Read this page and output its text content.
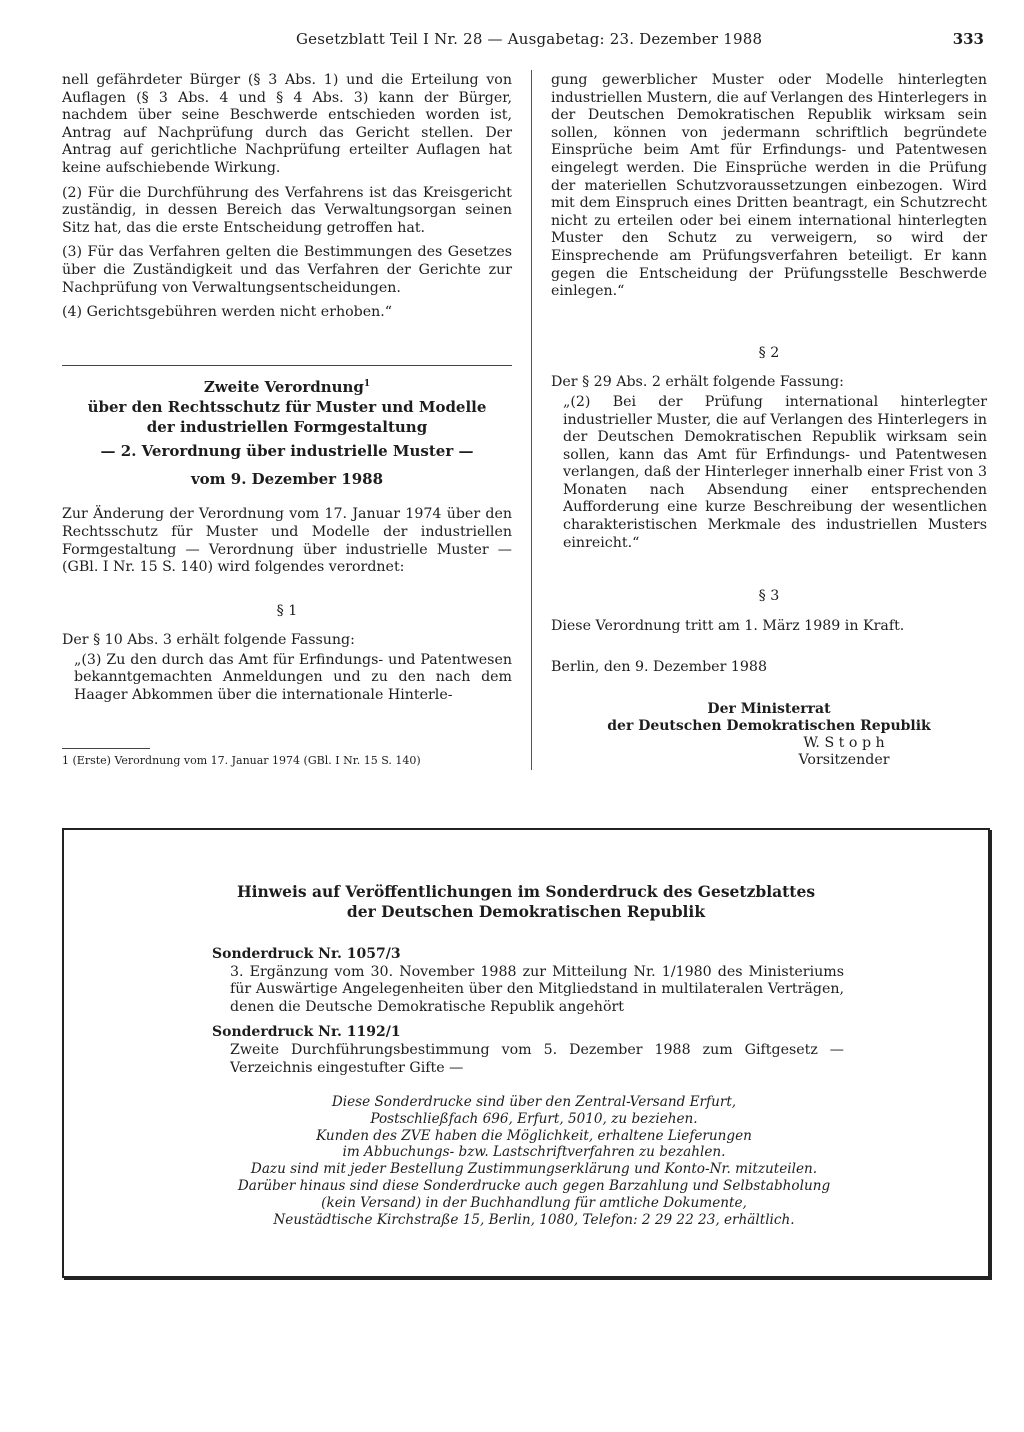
Gesetzblatt Teil I Nr. 28 — Ausgabetag: 23. Dezember 1988	333

nell gefährdeter Bürger (§ 3 Abs. 1) und die Erteilung von Auflagen (§ 3 Abs. 4 und § 4 Abs. 3) kann der Bürger, nachdem über seine Beschwerde entschieden worden ist, Antrag auf Nachprüfung durch das Gericht stellen. Der Antrag auf gerichtliche Nachprüfung erteilter Auflagen hat keine aufschiebende Wirkung.

(2) Für die Durchführung des Verfahrens ist das Kreisgericht zuständig, in dessen Bereich das Verwaltungsorgan seinen Sitz hat, das die erste Entscheidung getroffen hat.

(3) Für das Verfahren gelten die Bestimmungen des Gesetzes über die Zuständigkeit und das Verfahren der Gerichte zur Nachprüfung von Verwaltungsentscheidungen.

(4) Gerichtsgebühren werden nicht erhoben.“

Zweite Verordnung$^1$
über den Rechtsschutz für Muster und Modelle
der industriellen Formgestaltung
— 2. Verordnung über industrielle Muster —
vom 9. Dezember 1988

Zur Änderung der Verordnung vom 17. Januar 1974 über den Rechtsschutz für Muster und Modelle der industriellen Formgestaltung — Verordnung über industrielle Muster — (GBl. I Nr. 15 S. 140) wird folgendes verordnet:

§ 1

Der § 10 Abs. 3 erhält folgende Fassung:

„(3) Zu den durch das Amt für Erfindungs- und Patentwesen bekanntgemachten Anmeldungen und zu den nach dem Haager Abkommen über die internationale Hinterle-

1 (Erste) Verordnung vom 17. Januar 1974 (GBl. I Nr. 15 S. 140)

gung gewerblicher Muster oder Modelle hinterlegten industriellen Mustern, die auf Verlangen des Hinterlegers in der Deutschen Demokratischen Republik wirksam sein sollen, können von jedermann schriftlich begründete Einsprüche beim Amt für Erfindungs- und Patentwesen eingelegt werden. Die Einsprüche werden in die Prüfung der materiellen Schutzvoraussetzungen einbezogen. Wird mit dem Einspruch eines Dritten beantragt, ein Schutzrecht nicht zu erteilen oder bei einem international hinterlegten Muster den Schutz zu verweigern, so wird der Einsprechende am Prüfungsverfahren beteiligt. Er kann gegen die Entscheidung der Prüfungsstelle Beschwerde einlegen.“

§ 2

Der § 29 Abs. 2 erhält folgende Fassung:

„(2) Bei der Prüfung international hinterlegter industrieller Muster, die auf Verlangen des Hinterlegers in der Deutschen Demokratischen Republik wirksam sein sollen, kann das Amt für Erfindungs- und Patentwesen verlangen, daß der Hinterleger innerhalb einer Frist von 3 Monaten nach Absendung einer entsprechenden Aufforderung eine kurze Beschreibung der wesentlichen charakteristischen Merkmale des industriellen Musters einreicht.“

§ 3

Diese Verordnung tritt am 1. März 1989 in Kraft.

Berlin, den 9. Dezember 1988

Der Ministerrat
der Deutschen Demokratischen Republik
W. S t o p h
Vorsitzender
Hinweis auf Veröffentlichungen im Sonderdruck des Gesetzblattes
der Deutschen Demokratischen Republik

Sonderdruck Nr. 1057/3

3. Ergänzung vom 30. November 1988 zur Mitteilung Nr. 1/1980 des Ministeriums für Auswärtige Angelegenheiten über den Mitgliedstand in multilateralen Verträgen, denen die Deutsche Demokratische Republik angehört

Sonderdruck Nr. 1192/1

Zweite Durchführungsbestimmung vom 5. Dezember 1988 zum Giftgesetz — Verzeichnis eingestufter Gifte —

Diese Sonderdrucke sind über den Zentral-Versand Erfurt,

Postschließfach 696, Erfurt, 5010, zu beziehen.

Kunden des ZVE haben die Möglichkeit, erhaltene Lieferungen

im Abbuchungs- bzw. Lastschriftverfahren zu bezahlen.

Dazu sind mit jeder Bestellung Zustimmungserklärung und Konto-Nr. mitzuteilen.

Darüber hinaus sind diese Sonderdrucke auch gegen Barzahlung und Selbstabholung

(kein Versand) in der Buchhandlung für amtliche Dokumente,

Neustädtische Kirchstraße 15, Berlin, 1080, Telefon: 2 29 22 23, erhältlich.
